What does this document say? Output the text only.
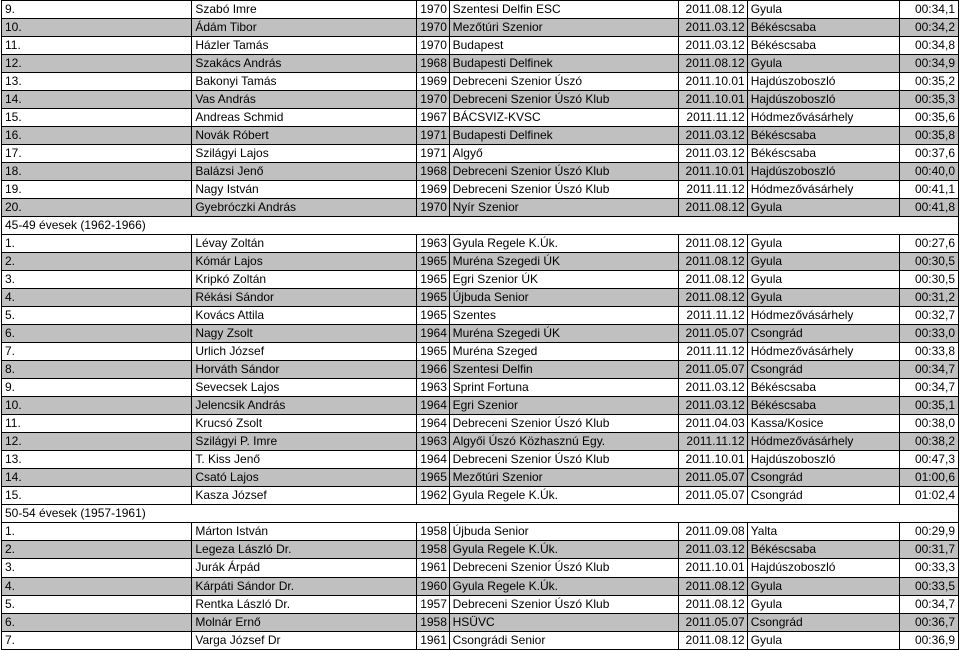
9.	Szabó Imre	1970	Szentesi Delfin ESC	2011.08.12	Gyula	00:34,1
10.	Ádám Tibor	1970	Mezőtúri Szenior	2011.03.12	Békéscsaba	00:34,2
11.	Házler Tamás	1970	Budapest	2011.03.12	Békéscsaba	00:34,8
12.	Szakács András	1968	Budapesti Delfinek	2011.08.12	Gyula	00:34,9
13.	Bakonyi Tamás	1969	Debreceni Szenior Úszó	2011.10.01	Hajdúszoboszló	00:35,2
14.	Vas András	1970	Debreceni Szenior Úszó Klub	2011.10.01	Hajdúszoboszló	00:35,3
15.	Andreas Schmid	1967	BÁCSVIZ-KVSC	2011.11.12	Hódmezővásárhely	00:35,6
16.	Novák Róbert	1971	Budapesti Delfinek	2011.03.12	Békéscsaba	00:35,8
17.	Szilágyi Lajos	1971	Algyő	2011.03.12	Békéscsaba	00:37,6
18.	Balázsi Jenő	1968	Debreceni Szenior Úszó Klub	2011.10.01	Hajdúszoboszló	00:40,0
19.	Nagy István	1969	Debreceni Szenior Úszó Klub	2011.11.12	Hódmezővásárhely	00:41,1
20.	Gyebróczki András	1970	Nyír Szenior	2011.08.12	Gyula	00:41,8
45-49 évesek (1962-1966)						
1.	Lévay Zoltán	1963	Gyula Regele K.Úk.	2011.08.12	Gyula	00:27,6
2.	Kómár Lajos	1965	Muréna Szegedi ÚK	2011.08.12	Gyula	00:30,5
3.	Kripkó Zoltán	1965	Egri Szenior ÚK	2011.08.12	Gyula	00:30,5
4.	Rékási Sándor	1965	Újbuda Senior	2011.08.12	Gyula	00:31,2
5.	Kovács Attila	1965	Szentes	2011.11.12	Hódmezővásárhely	00:32,7
6.	Nagy Zsolt	1964	Muréna Szegedi ÚK	2011.05.07	Csongrád	00:33,0
7.	Urlich József	1965	Muréna Szeged	2011.11.12	Hódmezővásárhely	00:33,8
8.	Horváth Sándor	1966	Szentesi Delfin	2011.05.07	Csongrád	00:34,7
9.	Sevecsek Lajos	1963	Sprint Fortuna	2011.03.12	Békéscsaba	00:34,7
10.	Jelencsik András	1964	Egri Szenior	2011.03.12	Békéscsaba	00:35,1
11.	Krucsó Zsolt	1964	Debreceni Szenior Úszó Klub	2011.04.03	Kassa/Kosice	00:38,0
12.	Szilágyi P. Imre	1963	Algyői Úszó Közhasznú Egy.	2011.11.12	Hódmezővásárhely	00:38,2
13.	T. Kiss Jenő	1964	Debreceni Szenior Úszó Klub	2011.10.01	Hajdúszoboszló	00:47,3
14.	Csató Lajos	1965	Mezőtúri Szenior	2011.05.07	Csongrád	01:00,6
15.	Kasza József	1962	Gyula Regele K.Úk.	2011.05.07	Csongrád	01:02,4
50-54 évesek (1957-1961)						
1.	Márton István	1958	Újbuda Senior	2011.09.08	Yalta	00:29,9
2.	Legeza László Dr.	1958	Gyula Regele K.Úk.	2011.03.12	Békéscsaba	00:31,7
3.	Jurák Árpád	1961	Debreceni Szenior Úszó Klub	2011.10.01	Hajdúszoboszló	00:33,3
4.	Kárpáti Sándor Dr.	1960	Gyula Regele K.Úk.	2011.08.12	Gyula	00:33,5
5.	Rentka László Dr.	1957	Debreceni Szenior Úszó Klub	2011.08.12	Gyula	00:34,7
6.	Molnár Ernő	1958	HSÜVC	2011.05.07	Csongrád	00:36,7
7.	Varga József Dr	1961	Csongrádi Senior	2011.08.12	Gyula	00:36,9
